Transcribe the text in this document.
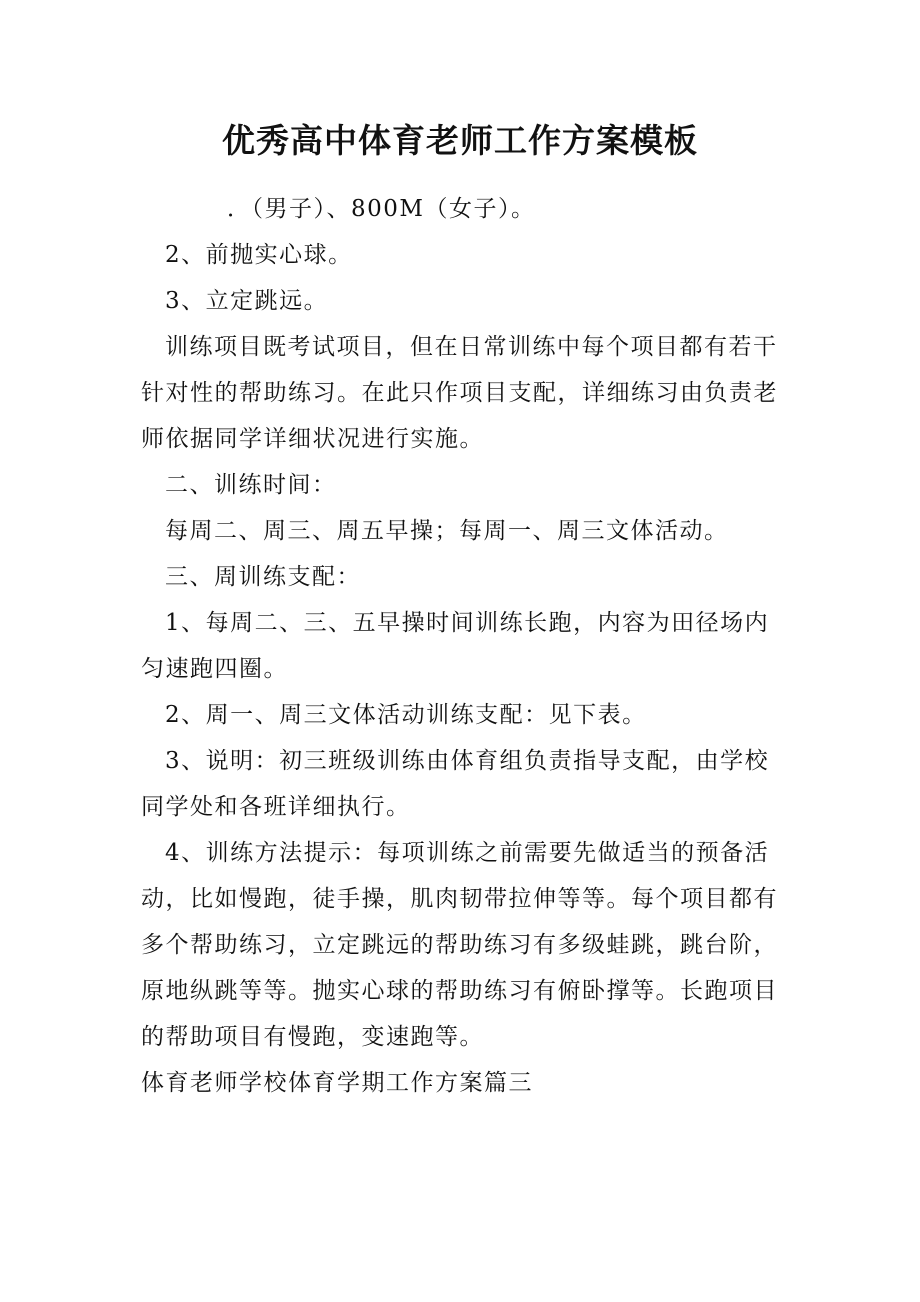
优秀高中体育老师工作方案模板

．（男子）、800M（女子）。

2、前抛实心球。

3、立定跳远。

训练项目既考试项目，但在日常训练中每个项目都有若干

针对性的帮助练习。在此只作项目支配，详细练习由负责老

师依据同学详细状况进行实施。

二、训练时间：

每周二、周三、周五早操；每周一、周三文体活动。

三、周训练支配：

1、每周二、三、五早操时间训练长跑，内容为田径场内

匀速跑四圈。

2、周一、周三文体活动训练支配：见下表。

3、说明：初三班级训练由体育组负责指导支配，由学校

同学处和各班详细执行。

4、训练方法提示：每项训练之前需要先做适当的预备活

动，比如慢跑，徒手操，肌肉韧带拉伸等等。每个项目都有

多个帮助练习，立定跳远的帮助练习有多级蛙跳，跳台阶，

原地纵跳等等。抛实心球的帮助练习有俯卧撑等。长跑项目

的帮助项目有慢跑，变速跑等。

体育老师学校体育学期工作方案篇三
